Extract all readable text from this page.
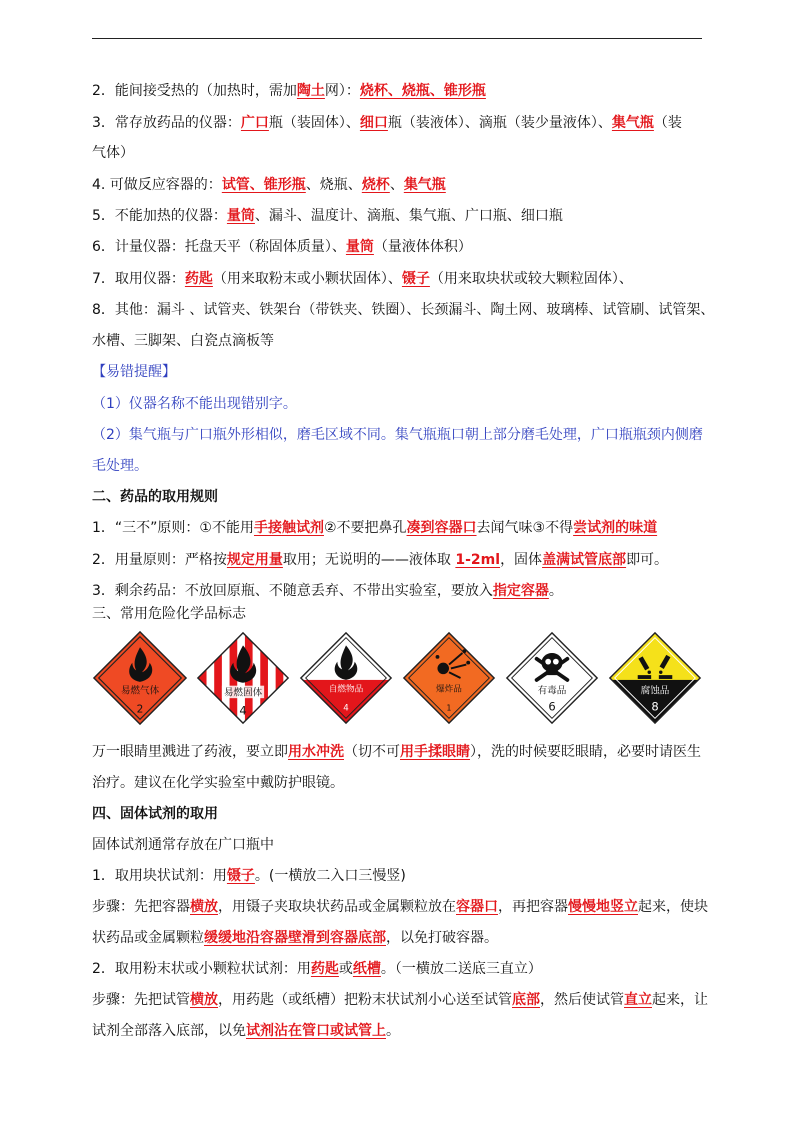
2．能间接受热的（加热时，需加陶土网）：烧杯、烧瓶、锥形瓶
3．常存放药品的仪器：广口瓶（装固体）、细口瓶（装液体）、滴瓶（装少量液体）、集气瓶（装
气体）
4. 可做反应容器的：试管、锥形瓶、烧瓶、烧杯、集气瓶
5．不能加热的仪器：量筒、漏斗、温度计、滴瓶、集气瓶、广口瓶、细口瓶
6．计量仪器：托盘天平（称固体质量）、量筒（量液体体积）
7．取用仪器：药匙（用来取粉末或小颗状固体）、镊子（用来取块状或较大颗粒固体）、
8．其他：漏斗 、试管夹、铁架台（带铁夹、铁圈）、长颈漏斗、陶土网、玻璃棒、试管刷、试管架、
水槽、三脚架、白瓷点滴板等
【易错提醒】
（1）仪器名称不能出现错别字。
（2）集气瓶与广口瓶外形相似，磨毛区域不同。集气瓶瓶口朝上部分磨毛处理，广口瓶瓶颈内侧磨
毛处理。
二、药品的取用规则
1．“三不”原则：①不能用手接触试剂②不要把鼻孔凑到容器口去闻气味③不得尝试剂的味道
2．用量原则：严格按规定用量取用；无说明的——液体取 1-2ml，固体盖满试管底部即可。
3．剩余药品：不放回原瓶、不随意丢弃、不带出实验室，要放入指定容器。
三、常用危险化学品标志
万一眼睛里溅进了药液，要立即用水冲洗（切不可用手揉眼睛），洗的时候要眨眼睛，必要时请医生
治疗。建议在化学实验室中戴防护眼镜。
四、固体试剂的取用
固体试剂通常存放在广口瓶中
1．取用块状试剂：用镊子。(一横放二入口三慢竖)
步骤：先把容器横放，用镊子夹取块状药品或金属颗粒放在容器口，再把容器慢慢地竖立起来，使块
状药品或金属颗粒缓缓地沿容器壁滑到容器底部，以免打破容器。
2．取用粉末状或小颗粒状试剂：用药匙或纸槽。（一横放二送底三直立）
步骤：先把试管横放，用药匙（或纸槽）把粉末状试剂小心送至试管底部，然后使试管直立起来，让
试剂全部落入底部，以免试剂沾在管口或试管上。
易燃气体
2
易燃固体
4
自燃物品
4
爆炸品
1
有毒品
6
腐蚀品
8
